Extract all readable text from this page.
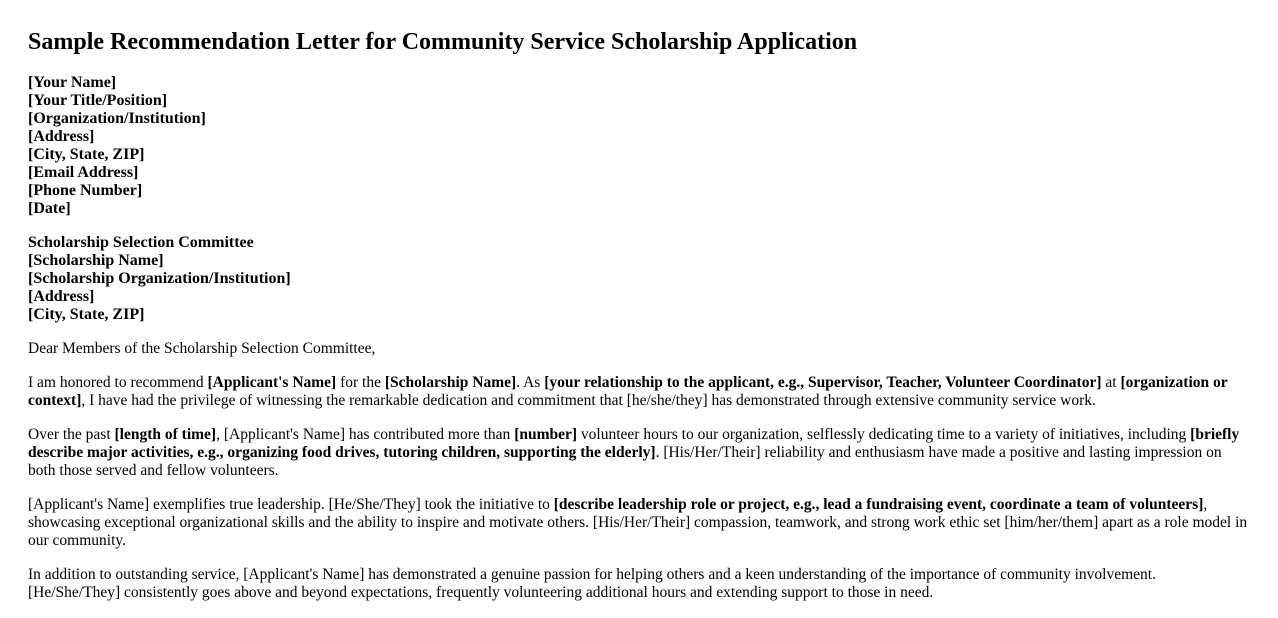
Sample Recommendation Letter for Community Service Scholarship Application
[Your Name]
[Your Title/Position]
[Organization/Institution]
[Address]
[City, State, ZIP]
[Email Address]
[Phone Number]
[Date]
Scholarship Selection Committee
[Scholarship Name]
[Scholarship Organization/Institution]
[Address]
[City, State, ZIP]

Dear Members of the Scholarship Selection Committee,

I am honored to recommend [Applicant's Name] for the [Scholarship Name]. As [your relationship to the applicant, e.g., Supervisor, Teacher, Volunteer Coordinator] at [organization or context], I have had the privilege of witnessing the remarkable dedication and commitment that [he/she/they] has demonstrated through extensive community service work.

Over the past [length of time], [Applicant's Name] has contributed more than [number] volunteer hours to our organization, selflessly dedicating time to a variety of initiatives, including [briefly describe major activities, e.g., organizing food drives, tutoring children, supporting the elderly]. [His/Her/Their] reliability and enthusiasm have made a positive and lasting impression on both those served and fellow volunteers.

[Applicant's Name] exemplifies true leadership. [He/She/They] took the initiative to [describe leadership role or project, e.g., lead a fundraising event, coordinate a team of volunteers], showcasing exceptional organizational skills and the ability to inspire and motivate others. [His/Her/Their] compassion, teamwork, and strong work ethic set [him/her/them] apart as a role model in our community.

In addition to outstanding service, [Applicant's Name] has demonstrated a genuine passion for helping others and a keen understanding of the importance of community involvement. [He/She/They] consistently goes above and beyond expectations, frequently volunteering additional hours and extending support to those in need.
